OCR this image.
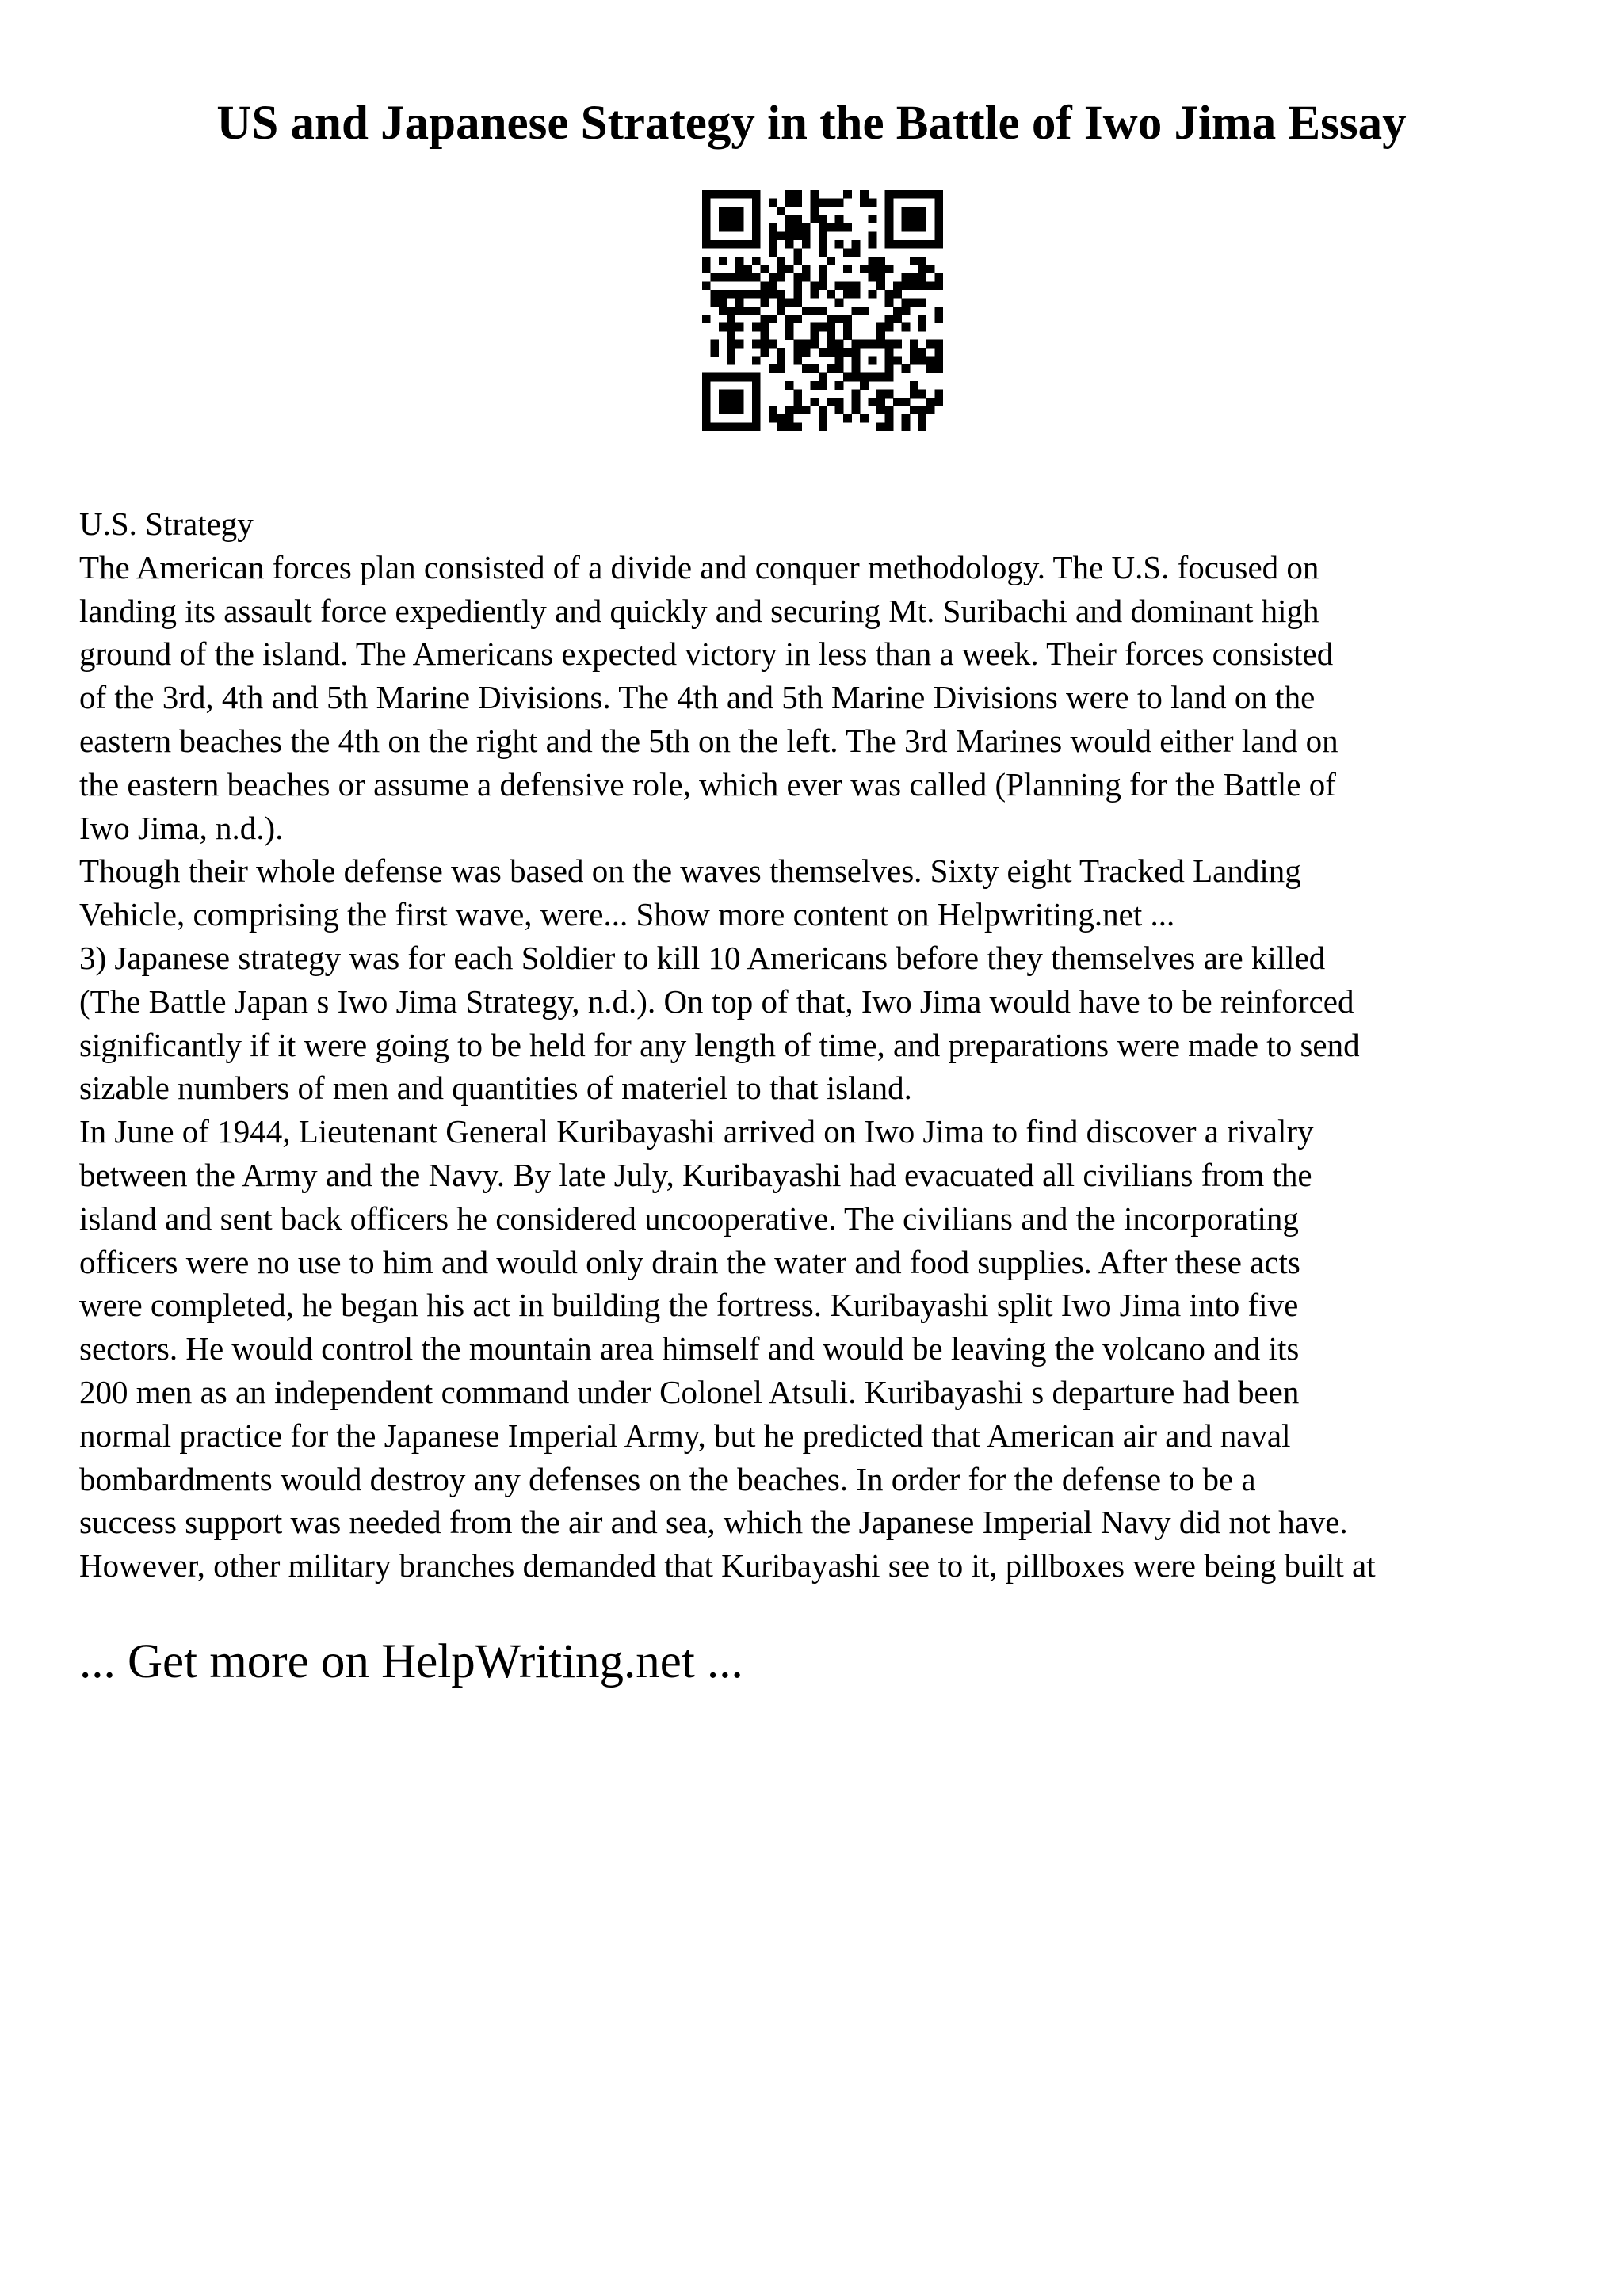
US and Japanese Strategy in the Battle of Iwo Jima Essay

U.S. Strategy

The American forces plan consisted of a divide and conquer methodology. The U.S. focused on
landing its assault force expediently and quickly and securing Mt. Suribachi and dominant high
ground of the island. The Americans expected victory in less than a week. Their forces consisted
of the 3rd, 4th and 5th Marine Divisions. The 4th and 5th Marine Divisions were to land on the
eastern beaches the 4th on the right and the 5th on the left. The 3rd Marines would either land on
the eastern beaches or assume a defensive role, which ever was called (Planning for the Battle of
Iwo Jima, n.d.).

Though their whole defense was based on the waves themselves. Sixty eight Tracked Landing
Vehicle, comprising the first wave, were... Show more content on Helpwriting.net ...

3) Japanese strategy was for each Soldier to kill 10 Americans before they themselves are killed
(The Battle Japan s Iwo Jima Strategy, n.d.). On top of that, Iwo Jima would have to be reinforced
significantly if it were going to be held for any length of time, and preparations were made to send
sizable numbers of men and quantities of materiel to that island.

In June of 1944, Lieutenant General Kuribayashi arrived on Iwo Jima to find discover a rivalry
between the Army and the Navy. By late July, Kuribayashi had evacuated all civilians from the
island and sent back officers he considered uncooperative. The civilians and the incorporating
officers were no use to him and would only drain the water and food supplies. After these acts
were completed, he began his act in building the fortress. Kuribayashi split Iwo Jima into five
sectors. He would control the mountain area himself and would be leaving the volcano and its
200 men as an independent command under Colonel Atsuli. Kuribayashi s departure had been
normal practice for the Japanese Imperial Army, but he predicted that American air and naval
bombardments would destroy any defenses on the beaches. In order for the defense to be a
success support was needed from the air and sea, which the Japanese Imperial Navy did not have.
However, other military branches demanded that Kuribayashi see to it, pillboxes were being built at

... Get more on HelpWriting.net ...
